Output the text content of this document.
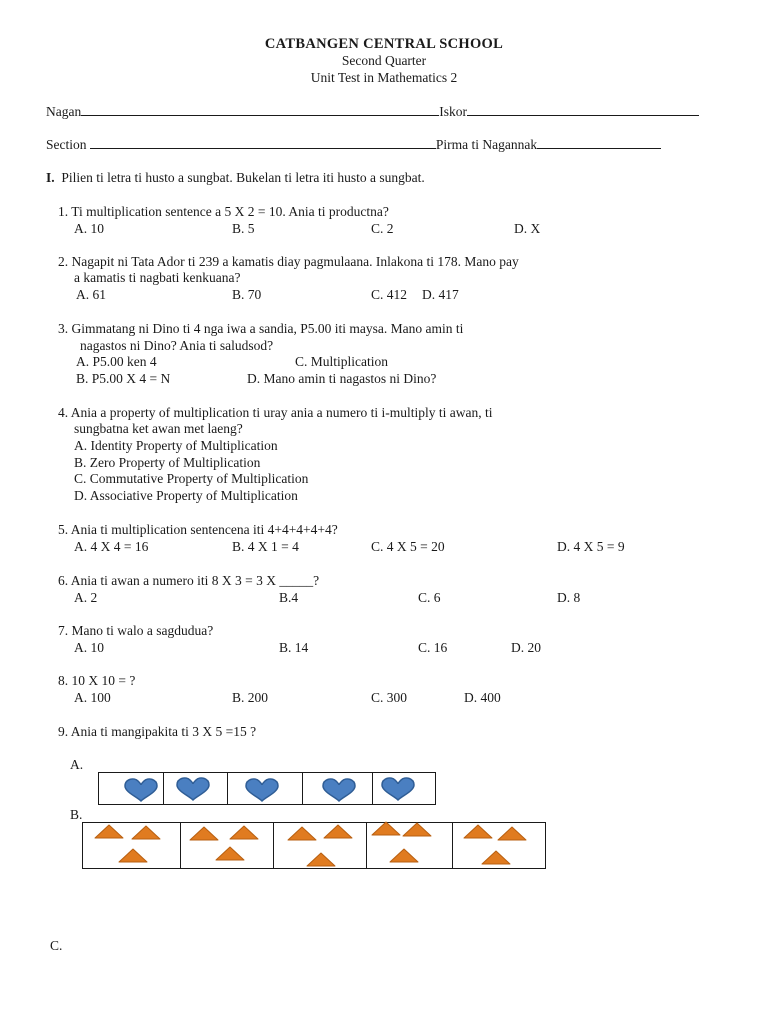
CATBANGEN CENTRAL SCHOOL
Second Quarter
Unit Test in Mathematics 2
Nagan	Iskor
Section	Pirma ti Nagannak
I. Pilien ti letra ti husto a sungbat. Bukelan ti letra iti husto a sungbat.
1. Ti multiplication sentence a 5 X 2 = 10. Ania ti productna?
A. 10	B. 5	C. 2	D. X
2. Nagapit ni Tata Ador ti 239 a kamatis diay pagmulaana. Inlakona ti 178. Mano pay
a kamatis ti nagbati kenkuana?
A. 61	B. 70	C. 412 D. 417
3. Gimmatang ni Dino ti 4 nga iwa a sandia, P5.00 iti maysa. Mano amin ti
nagastos ni Dino? Ania ti saludsod?
A. P5.00 ken 4	C. Multiplication
B. P5.00 X 4 = N	D. Mano amin ti nagastos ni Dino?
4. Ania a property of multiplication ti uray ania a numero ti i-multiply ti awan, ti
sungbatna ket awan met laeng?
A. Identity Property of Multiplication
B. Zero Property of Multiplication
C. Commutative Property of Multiplication
D. Associative Property of Multiplication
5. Ania ti multiplication sentencena iti 4+4+4+4+4?
A. 4 X 4 = 16	B. 4 X 1 = 4	C. 4 X 5 = 20	D. 4 X 5 = 9
6. Ania ti awan a numero iti 8 X 3 = 3 X _____?
A. 2	B.4	C. 6	D. 8
7. Mano ti walo a sagdudua?
A. 10	B. 14	C. 16	D. 20
8. 10 X 10 = ?
A. 100	B. 200	C. 300	D. 400
9. Ania ti mangipakita ti 3 X 5 =15 ?
A.
B.
C.
